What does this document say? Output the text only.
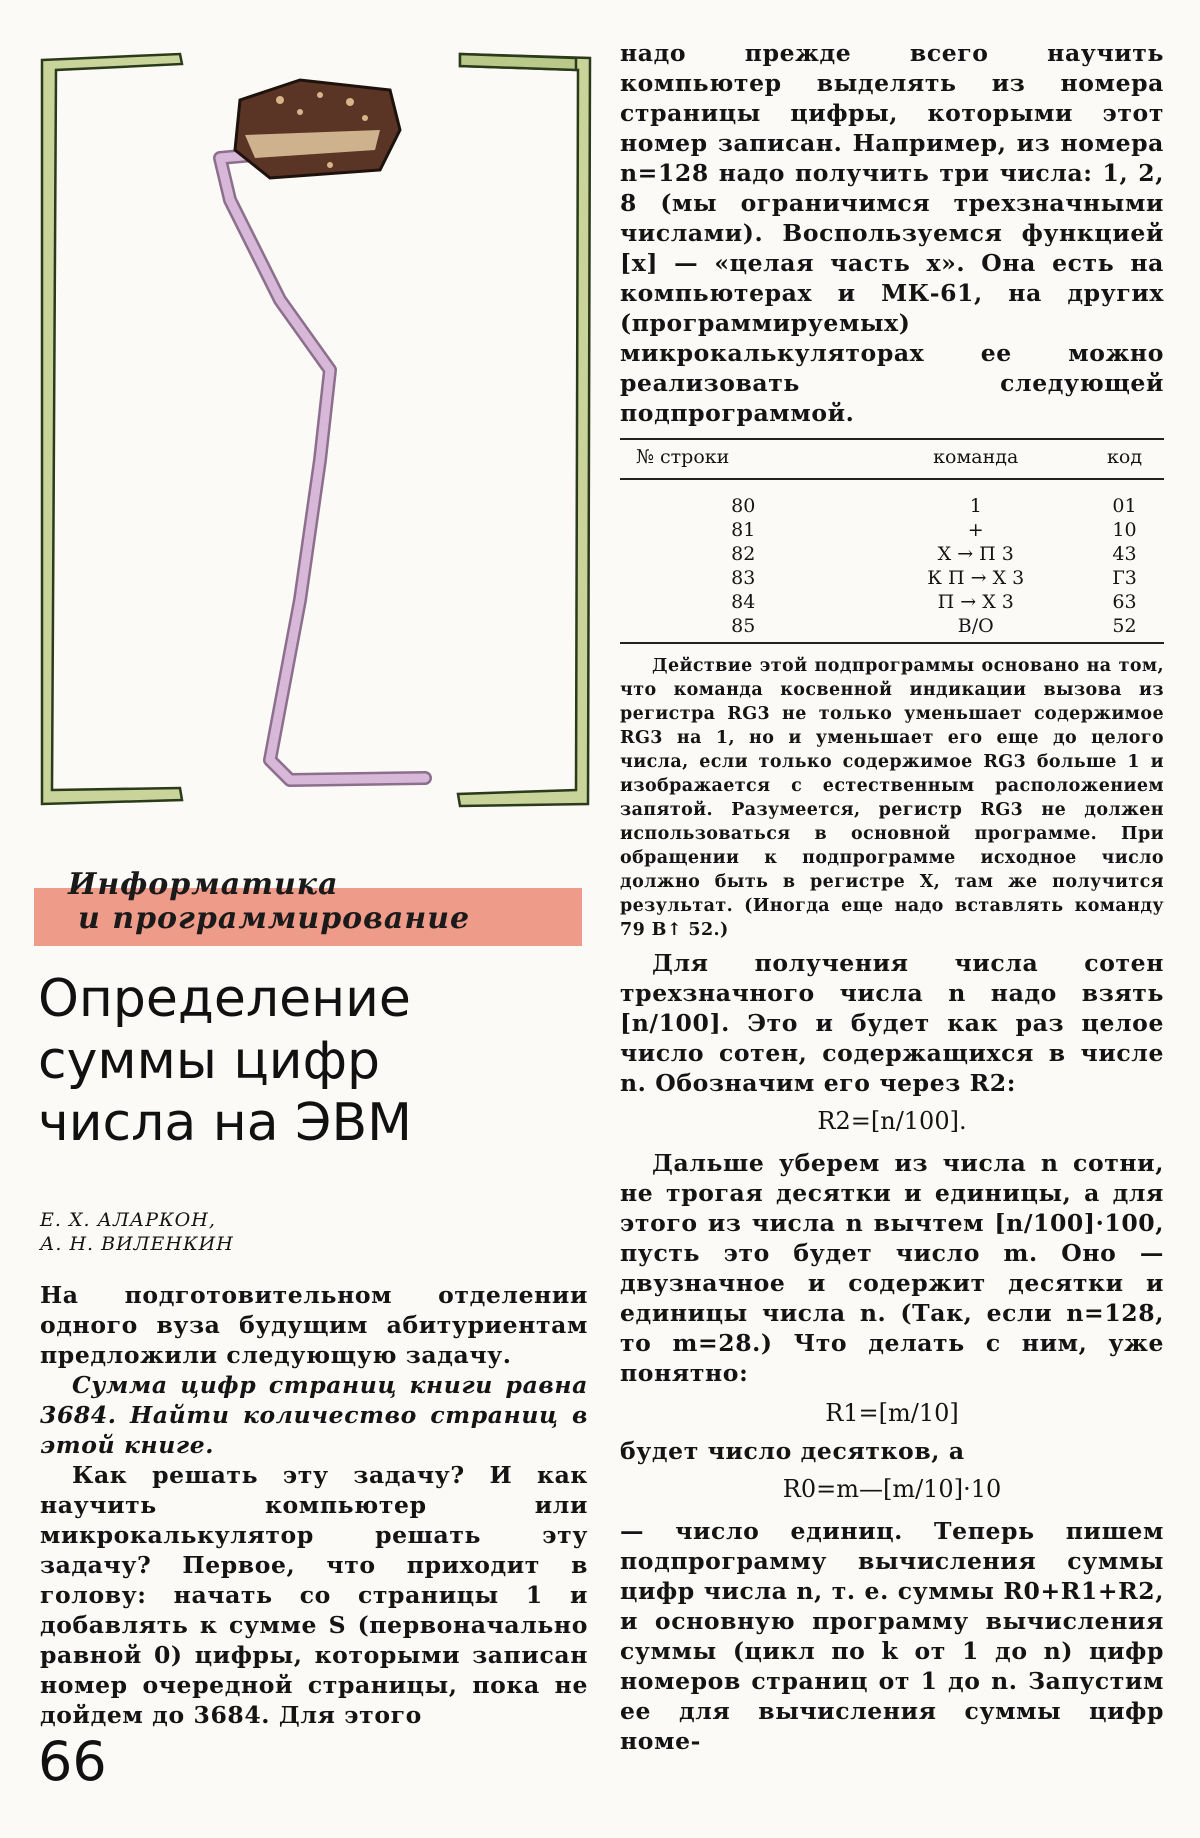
Информатика
и программирование
Определение
суммы цифр
числа на ЭВМ
Е. Х. АЛАРКОН,
А. Н. ВИЛЕНКИН

На подготовительном отделении одного вуза будущим абитуриентам предложили следующую задачу.

Сумма цифр страниц книги равна 3684. Найти количество страниц в этой книге.

Как решать эту задачу? И как научить компьютер или микрокалькулятор решать эту задачу? Первое, что приходит в голову: начать со страницы 1 и добавлять к сумме S (первоначально равной 0) цифры, которыми записан номер очередной страницы, пока не дойдем до 3684. Для этого

надо прежде всего научить компьютер выделять из номера страницы цифры, которыми этот номер записан. Например, из номера n=128 надо получить три числа: 1, 2, 8 (мы ограничимся трехзначными числами). Воспользуемся функцией [x] — «целая часть x». Она есть на компьютерах и МК-61, на других (программируемых) микрокалькуляторах ее можно реализовать следующей подпрограммой.

№ строки	команда	код
80	1	01
81	+	10
82	X → П 3	43
83	К П → X 3	Г3
84	П → X 3	63
85	В/О	52

Действие этой подпрограммы основано на том, что команда косвенной индикации вызова из регистра RG3 не только уменьшает содержимое RG3 на 1, но и уменьшает его еще до целого числа, если только содержимое RG3 больше 1 и изображается с естественным расположением запятой. Разумеется, регистр RG3 не должен использоваться в основной программе. При обращении к подпрограмме исходное число должно быть в регистре X, там же получится результат. (Иногда еще надо вставлять команду 79 В↑ 52.)

Для получения числа сотен трехзначного числа n надо взять [n/100]. Это и будет как раз целое число сотен, содержащихся в числе n. Обозначим его через R2:

R2=[n/100].

Дальше уберем из числа n сотни, не трогая десятки и единицы, а для этого из числа n вычтем [n/100]·100, пусть это будет число m. Оно — двузначное и содержит десятки и единицы числа n. (Так, если n=128, то m=28.) Что делать с ним, уже понятно:

R1=[m/10]

будет число десятков, а

R0=m—[m/10]·10

— число единиц. Теперь пишем подпрограмму вычисления суммы цифр числа n, т. е. суммы R0+R1+R2, и основную программу вычисления суммы (цикл по k от 1 до n) цифр номеров страниц от 1 до n. Запустим ее для вычисления суммы цифр номе-

66
